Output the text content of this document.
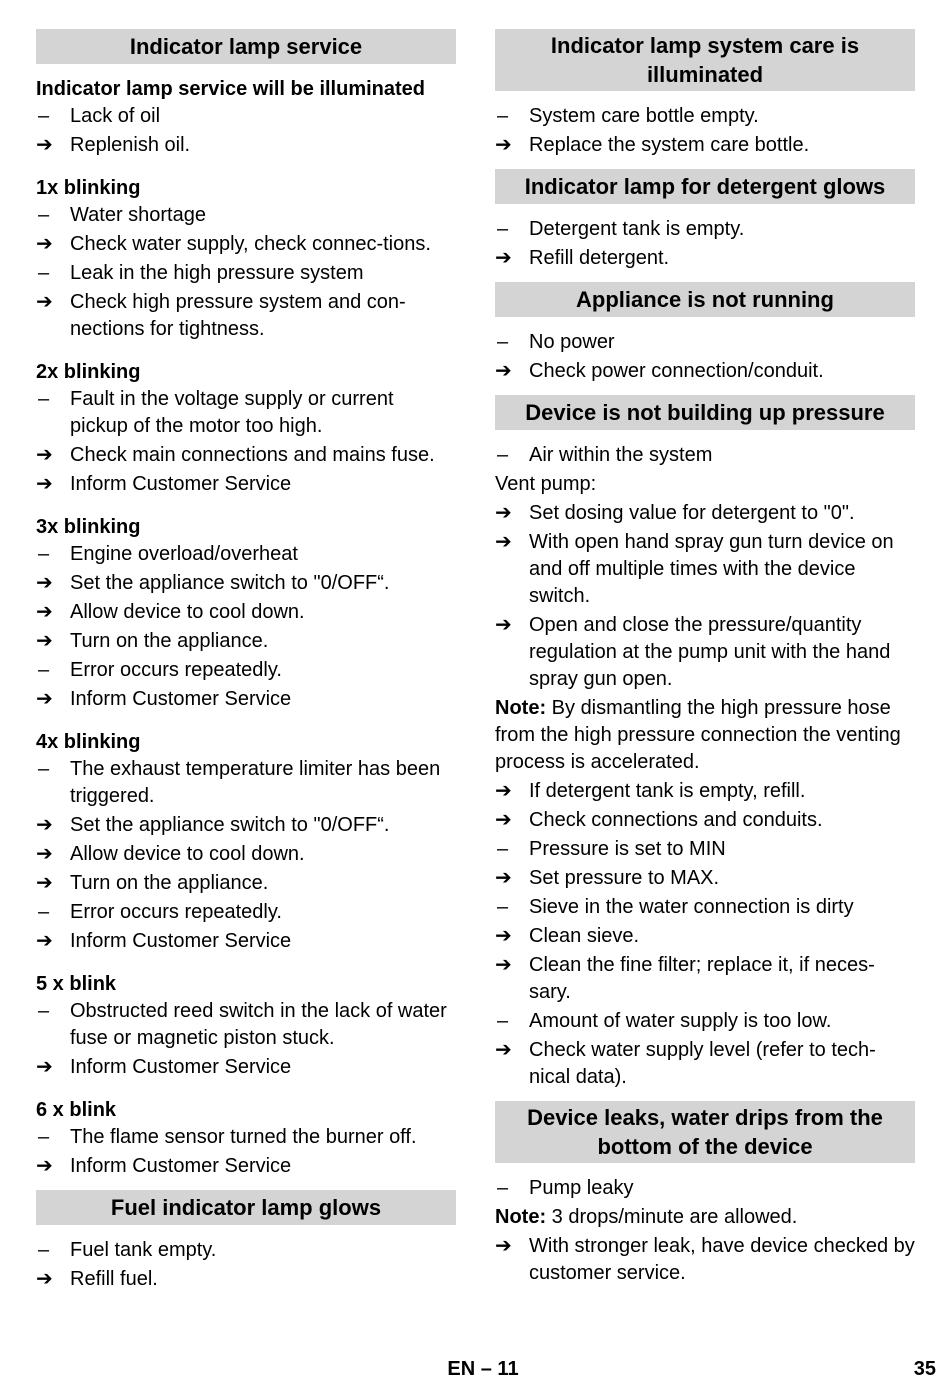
Indicator lamp service
Indicator lamp service will be illuminated
–	Lack of oil
➔ Replenish oil.
1x blinking
–	Water shortage
➔ Check water supply, check connec-tions.
–	Leak in the high pressure system
➔ Check high pressure system and con-nections for tightness.
2x blinking
–	Fault in the voltage supply or current pickup of the motor too high.
➔ Check main connections and mains fuse.
➔ Inform Customer Service
3x blinking
–	Engine overload/overheat
➔ Set the appliance switch to "0/OFF“.
➔ Allow device to cool down.
➔ Turn on the appliance.
–	Error occurs repeatedly.
➔ Inform Customer Service
4x blinking
–	The exhaust temperature limiter has been triggered.
➔ Set the appliance switch to "0/OFF“.
➔ Allow device to cool down.
➔ Turn on the appliance.
–	Error occurs repeatedly.
➔ Inform Customer Service
5 x blink
–	Obstructed reed switch in the lack of water fuse or magnetic piston stuck.
➔ Inform Customer Service
6 x blink
–	The flame sensor turned the burner off.
➔ Inform Customer Service
Fuel indicator lamp glows
–	Fuel tank empty.
➔ Refill fuel.
Indicator lamp system care is illuminated
–	System care bottle empty.
➔ Replace the system care bottle.
Indicator lamp for detergent glows
–	Detergent tank is empty.
➔ Refill detergent.
Appliance is not running
–	No power
➔ Check power connection/conduit.
Device is not building up pressure
–	Air within the system
Vent pump:
➔ Set dosing value for detergent to "0".
➔ With open hand spray gun turn device on and off multiple times with the device switch.
➔ Open and close the pressure/quantity regulation at the pump unit with the hand spray gun open.
Note: By dismantling the high pressure hose from the high pressure connection the venting process is accelerated.
➔ If detergent tank is empty, refill.
➔ Check connections and conduits.
–	Pressure is set to MIN
➔ Set pressure to MAX.
–	Sieve in the water connection is dirty
➔ Clean sieve.
➔ Clean the fine filter; replace it, if neces-sary.
–	Amount of water supply is too low.
➔ Check water supply level (refer to tech-nical data).
Device leaks, water drips from the bottom of the device
–	Pump leaky
Note: 3 drops/minute are allowed.
➔ With stronger leak, have device checked by customer service.
EN – 11	35
